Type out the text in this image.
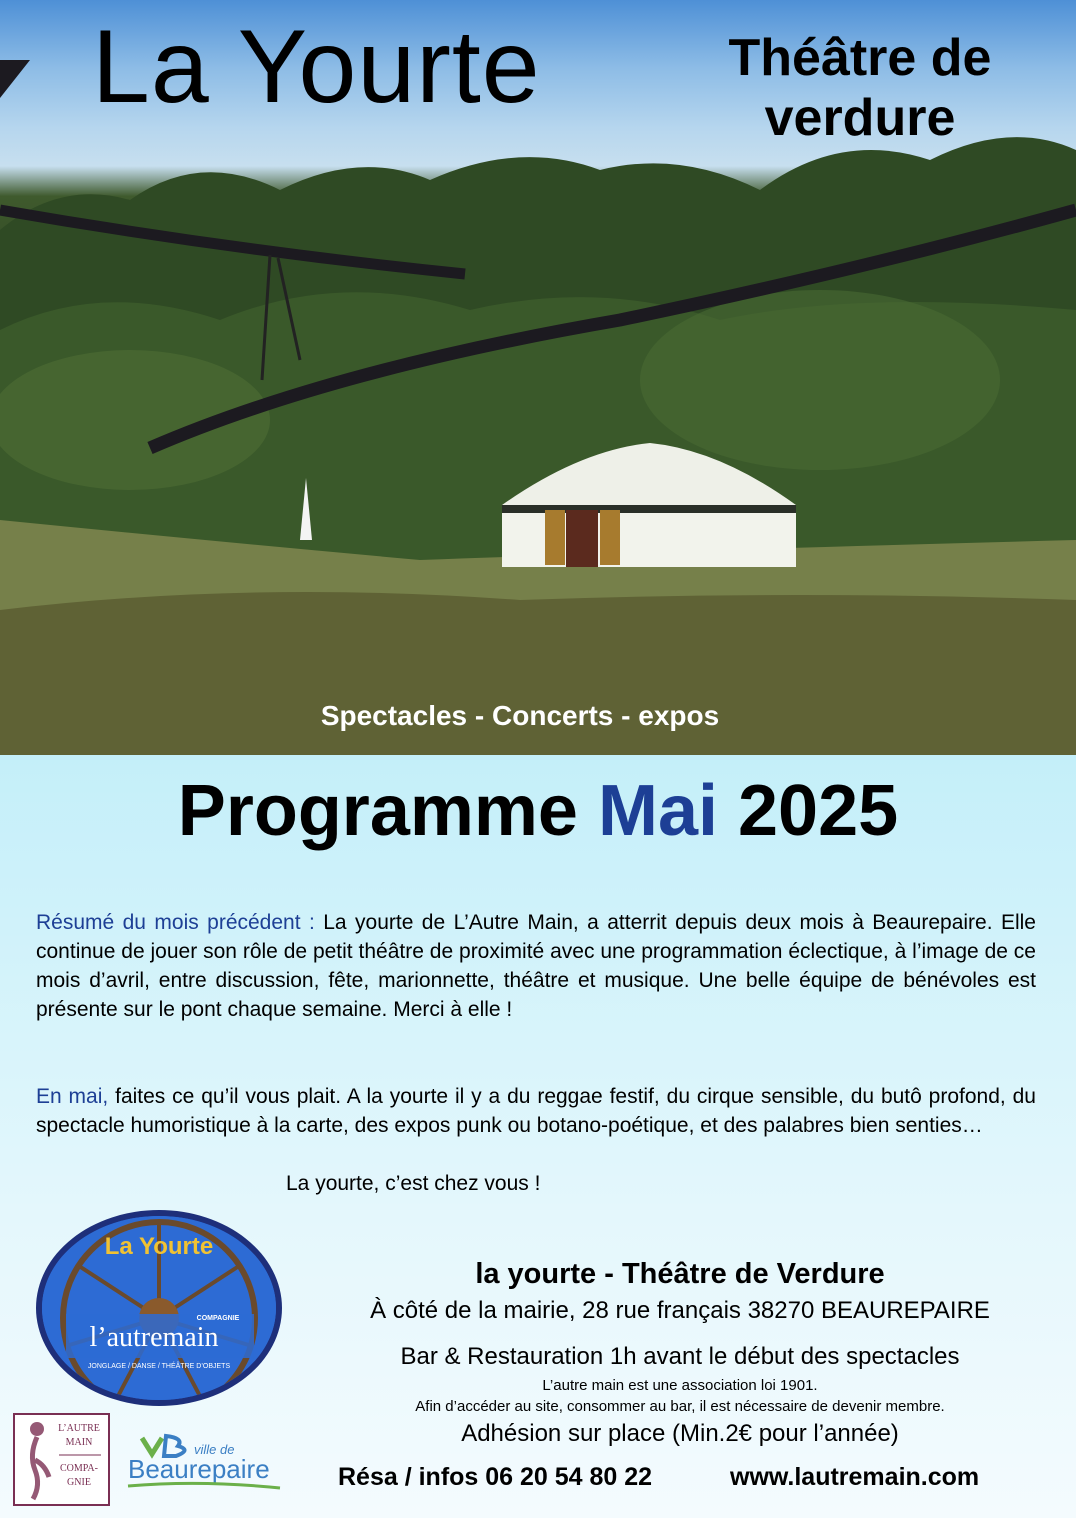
La Yourte	Théâtre de
verdure
Spectacles - Concerts - expos
Programme Mai 2025
Résumé du mois précédent : La yourte de L’Autre Main, a atterrit depuis deux mois à Beaurepaire. Elle continue de jouer son rôle de petit théâtre de proximité avec une programmation éclectique, à l’image de ce mois d’avril, entre discussion, fête, marionnette, théâtre et musique. Une belle équipe de bénévoles est présente sur le pont chaque semaine. Merci à elle !
En mai, faites ce qu’il vous plait. A la yourte il y a du reggae festif, du cirque sensible, du butô profond, du spectacle humoristique à la carte, des expos punk ou botano-poétique, et des palabres bien senties…
La yourte, c’est chez vous !
La Yourte
l’autremain
COMPAGNIE
JONGLAGE / DANSE / THÉÂTRE D’OBJETS
la yourte - Théâtre de Verdure
À côté de la mairie, 28 rue français 38270 BEAUREPAIRE
Bar & Restauration 1h avant le début des spectacles
L’autre main est une association loi 1901.
Afin d’accéder au site, consommer au bar, il est nécessaire de devenir membre.
Adhésion sur place (Min.2€ pour l’année)
Résa / infos 06 20 54 80 22	www.lautremain.com
L’AUTRE
MAIN
COMPA-
GNIE
ville de
Beaurepaire
